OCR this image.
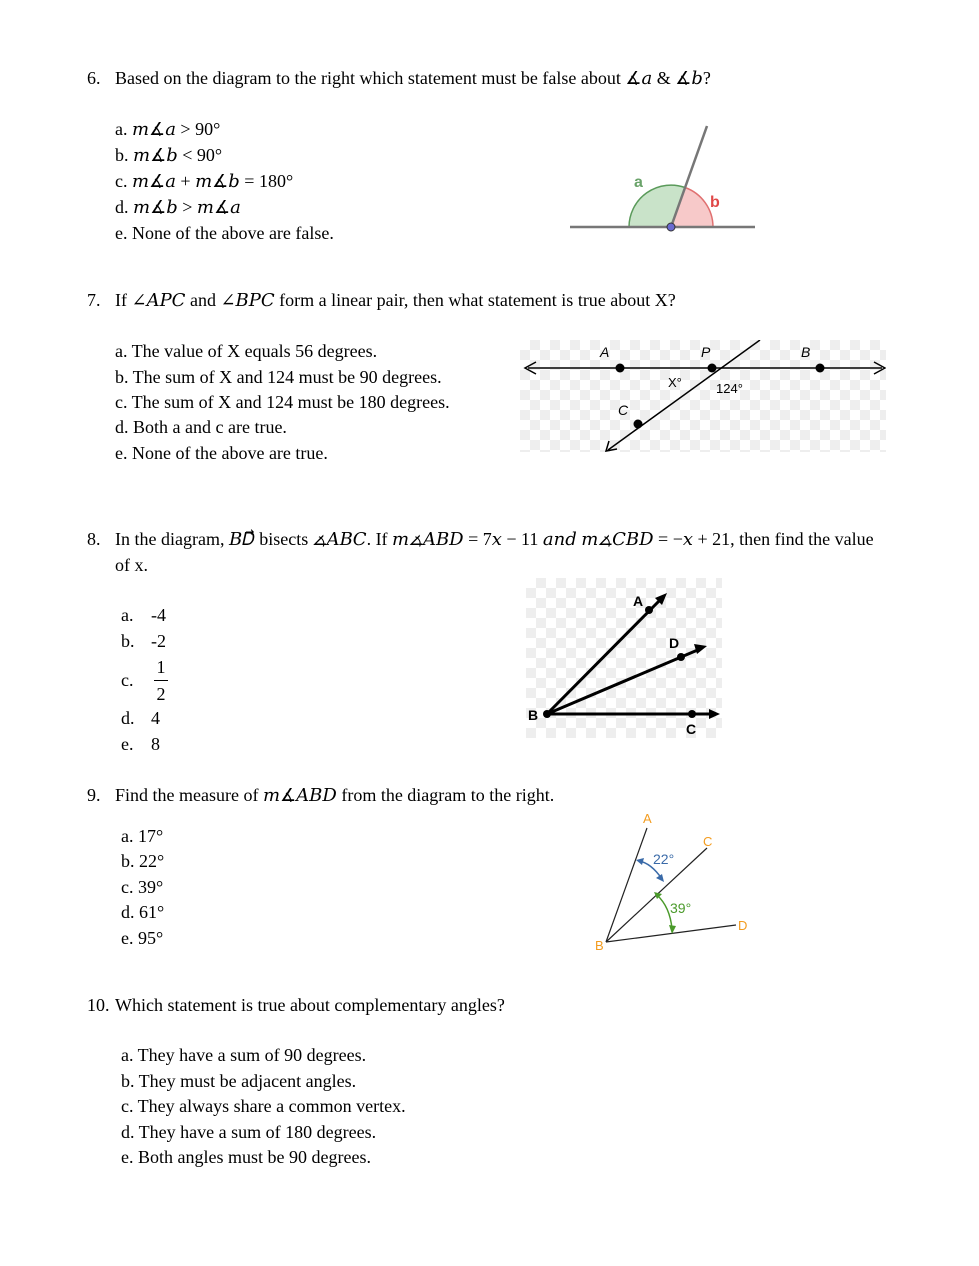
6. Based on the diagram to the right which statement must be false about ∡𝑎 & ∡𝑏?
a. 𝑚∡𝑎 > 90°
b. 𝑚∡𝑏 < 90°
c. 𝑚∡𝑎 + 𝑚∡𝑏 = 180°
d. 𝑚∡𝑏 > 𝑚∡𝑎
e. None of the above are false.
a
b
7. If ∠𝐴𝑃𝐶 and ∠𝐵𝑃𝐶 form a linear pair, then what statement is true about X?
a. The value of X equals 56 degrees.
b. The sum of X and 124 must be 90 degrees.
c. The sum of X and 124 must be 180 degrees.
d. Both a and c are true.
e. None of the above are true.
A	P	B
C
X°	124°
8. In the diagram, 𝐵𝐷⃗ bisects ∡𝐴𝐵𝐶. If 𝑚∡𝐴𝐵𝐷 = 7𝑥 − 11 𝑎𝑛𝑑 𝑚∡𝐶𝐵𝐷 = −𝑥 + 21, then find the value
of x.
a. -4
b. -2
c.
1
2
d. 4
e. 8
A
D
B
C
9. Find the measure of 𝑚∡𝐴𝐵𝐷 from the diagram to the right.
a. 17°
b. 22°
c. 39°
d. 61°
e. 95°
A
C
D
B
22°
39°
10. Which statement is true about complementary angles?
a. They have a sum of 90 degrees.
b. They must be adjacent angles.
c. They always share a common vertex.
d. They have a sum of 180 degrees.
e. Both angles must be 90 degrees.
